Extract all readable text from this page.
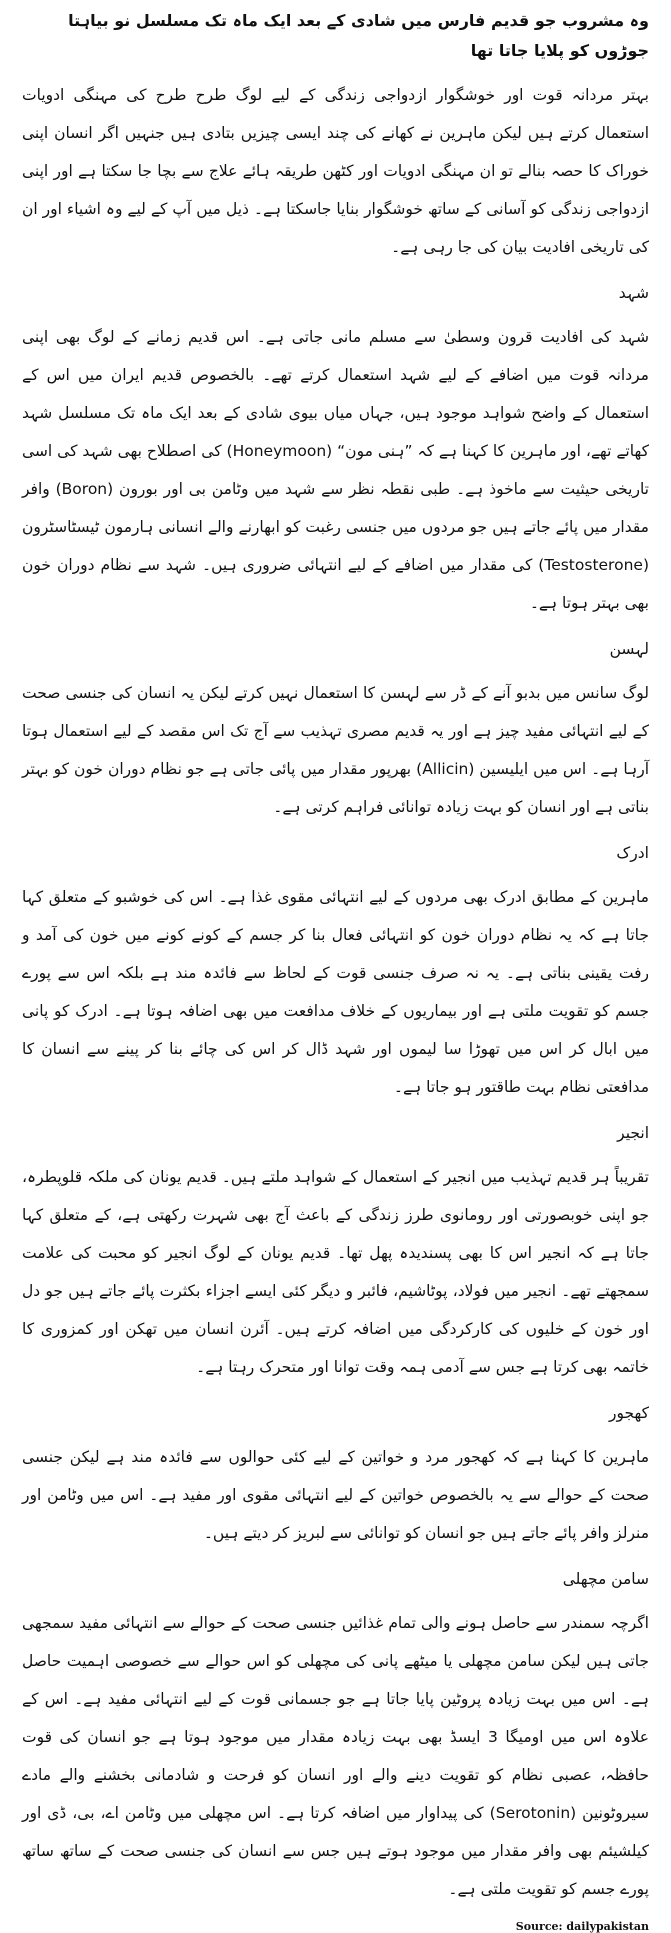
وہ مشروب جو قدیم فارس میں شادی کے بعد ایک ماہ تک مسلسل نو بیاہتا جوڑوں کو پلایا جاتا تھا

بہتر مردانہ قوت اور خوشگوار ازدواجی زندگی کے لیے لوگ طرح طرح کی مہنگی ادویات استعمال کرتے ہیں لیکن ماہرین نے کھانے کی چند ایسی چیزیں بتادی ہیں جنہیں اگر انسان اپنی خوراک کا حصہ بنالے تو ان مہنگی ادویات اور کٹھن طریقہ ہائے علاج سے بچا جا سکتا ہے اور اپنی ازدواجی زندگی کو آسانی کے ساتھ خوشگوار بنایا جاسکتا ہے۔ ذیل میں آپ کے لیے وہ اشیاء اور ان کی تاریخی افادیت بیان کی جا رہی ہے۔

شہد

شہد کی افادیت قرون وسطیٰ سے مسلم مانی جاتی ہے۔ اس قدیم زمانے کے لوگ بھی اپنی مردانہ قوت میں اضافے کے لیے شہد استعمال کرتے تھے۔ بالخصوص قدیم ایران میں اس کے استعمال کے واضح شواہد موجود ہیں، جہاں میاں بیوی شادی کے بعد ایک ماہ تک مسلسل شہد کھاتے تھے، اور ماہرین کا کہنا ہے کہ ”ہنی مون“ (Honeymoon) کی اصطلاح بھی شہد کی اسی تاریخی حیثیت سے ماخوذ ہے۔ طبی نقطہ نظر سے شہد میں وٹامن بی اور بورون (Boron) وافر مقدار میں پائے جاتے ہیں جو مردوں میں جنسی رغبت کو ابھارنے والے انسانی ہارمون ٹیسٹاسٹرون (Testosterone) کی مقدار میں اضافے کے لیے انتہائی ضروری ہیں۔ شہد سے نظام دوران خون بھی بہتر ہوتا ہے۔

لہسن

لوگ سانس میں بدبو آنے کے ڈر سے لہسن کا استعمال نہیں کرتے لیکن یہ انسان کی جنسی صحت کے لیے انتہائی مفید چیز ہے اور یہ قدیم مصری تہذیب سے آج تک اس مقصد کے لیے استعمال ہوتا آرہا ہے۔ اس میں ایلیسین (Allicin) بھرپور مقدار میں پائی جاتی ہے جو نظام دوران خون کو بہتر بناتی ہے اور انسان کو بہت زیادہ توانائی فراہم کرتی ہے۔

ادرک

ماہرین کے مطابق ادرک بھی مردوں کے لیے انتہائی مقوی غذا ہے۔ اس کی خوشبو کے متعلق کہا جاتا ہے کہ یہ نظام دوران خون کو انتہائی فعال بنا کر جسم کے کونے کونے میں خون کی آمد و رفت یقینی بناتی ہے۔ یہ نہ صرف جنسی قوت کے لحاظ سے فائدہ مند ہے بلکہ اس سے پورے جسم کو تقویت ملتی ہے اور بیماریوں کے خلاف مدافعت میں بھی اضافہ ہوتا ہے۔ ادرک کو پانی میں ابال کر اس میں تھوڑا سا لیموں اور شہد ڈال کر اس کی چائے بنا کر پینے سے انسان کا مدافعتی نظام بہت طاقتور ہو جاتا ہے۔

انجیر

تقریباً ہر قدیم تہذیب میں انجیر کے استعمال کے شواہد ملتے ہیں۔ قدیم یونان کی ملکہ قلوپطرہ، جو اپنی خوبصورتی اور رومانوی طرز زندگی کے باعث آج بھی شہرت رکھتی ہے، کے متعلق کہا جاتا ہے کہ انجیر اس کا بھی پسندیدہ پھل تھا۔ قدیم یونان کے لوگ انجیر کو محبت کی علامت سمجھتے تھے۔ انجیر میں فولاد، پوٹاشیم، فائبر و دیگر کئی ایسے اجزاء بکثرت پائے جاتے ہیں جو دل اور خون کے خلیوں کی کارکردگی میں اضافہ کرتے ہیں۔ آئرن انسان میں تھکن اور کمزوری کا خاتمہ بھی کرتا ہے جس سے آدمی ہمہ وقت توانا اور متحرک رہتا ہے۔

کھجور

ماہرین کا کہنا ہے کہ کھجور مرد و خواتین کے لیے کئی حوالوں سے فائدہ مند ہے لیکن جنسی صحت کے حوالے سے یہ بالخصوص خواتین کے لیے انتہائی مقوی اور مفید ہے۔ اس میں وٹامن اور منرلز وافر پائے جاتے ہیں جو انسان کو توانائی سے لبریز کر دیتے ہیں۔

سامن مچھلی

اگرچہ سمندر سے حاصل ہونے والی تمام غذائیں جنسی صحت کے حوالے سے انتہائی مفید سمجھی جاتی ہیں لیکن سامن مچھلی یا میٹھے پانی کی مچھلی کو اس حوالے سے خصوصی اہمیت حاصل ہے۔ اس میں بہت زیادہ پروٹین پایا جاتا ہے جو جسمانی قوت کے لیے انتہائی مفید ہے۔ اس کے علاوہ اس میں اومیگا 3 ایسڈ بھی بہت زیادہ مقدار میں موجود ہوتا ہے جو انسان کی قوت حافظہ، عصبی نظام کو تقویت دینے والے اور انسان کو فرحت و شادمانی بخشنے والے مادے سیروٹونین (Serotonin) کی پیداوار میں اضافہ کرتا ہے۔ اس مچھلی میں وٹامن اے، بی، ڈی اور کیلشیئم بھی وافر مقدار میں موجود ہوتے ہیں جس سے انسان کی جنسی صحت کے ساتھ ساتھ پورے جسم کو تقویت ملتی ہے۔

Source: dailypakistan
